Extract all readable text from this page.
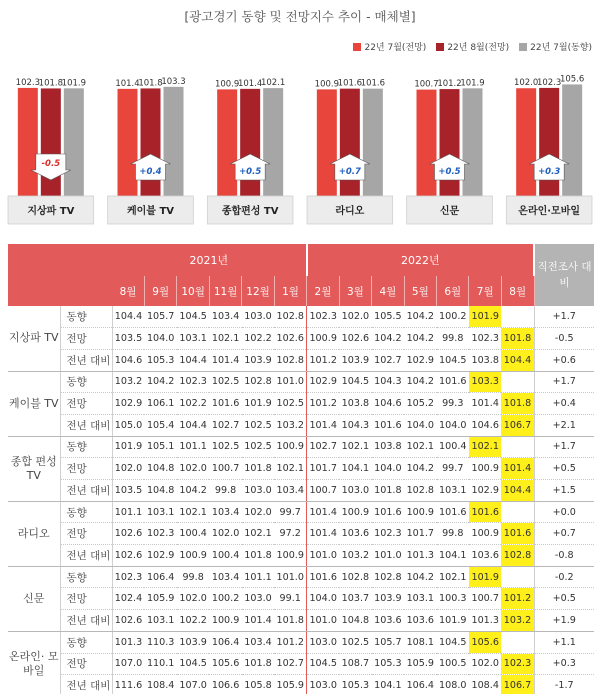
[광고경기 동향 및 전망지수 추이 - 매체별]
22년 7월(전망) 22년 8월(전망) 22년 7월(동향)
102.3
101.8
101.9
-0.5
지상파 TV
101.4
101.8
103.3
+0.4
케이블 TV
100.9
101.4
102.1
+0.5
종합편성 TV
100.9
101.6
101.6
+0.7
라디오
100.7
101.2
101.9
+0.5
신문
102.0
102.3
105.6
+0.3
온라인·모바일
		2021년						2022년							직전조사 대비
		8월	9월	10월	11월	12월	1월	2월	3월	4월	5월	6월	7월	8월	
지상파 TV	동향	104.4	105.7	104.5	103.4	103.0	102.8	102.3	102.0	105.5	104.2	100.2	101.9		+1.7
	전망	103.5	104.0	103.1	102.1	102.2	102.6	100.9	102.6	104.2	104.2	99.8	102.3	101.8	-0.5
	전년 대비	104.6	105.3	104.4	101.4	103.9	102.8	101.2	103.9	102.7	102.9	104.5	103.8	104.4	+0.6
케이블 TV	동향	103.2	104.2	102.3	102.5	102.8	101.0	102.9	104.5	104.3	104.2	101.6	103.3		+1.7
	전망	102.9	106.1	102.2	101.6	101.9	102.5	101.2	103.8	104.6	105.2	99.3	101.4	101.8	+0.4
	전년 대비	105.0	105.4	104.4	102.7	102.5	103.2	101.4	104.3	101.6	104.0	104.0	104.6	106.7	+2.1
종합 편성 TV	동향	101.9	105.1	101.1	102.5	102.5	100.9	102.7	102.1	103.8	102.1	100.4	102.1		+1.7
	전망	102.0	104.8	102.0	100.7	101.8	102.1	101.7	104.1	104.0	104.2	99.7	100.9	101.4	+0.5
	전년 대비	103.5	104.8	104.2	99.8	103.0	103.4	100.7	103.0	101.8	102.8	103.1	102.9	104.4	+1.5
라디오	동향	101.1	103.1	102.1	103.4	102.0	99.7	101.4	100.9	101.6	100.9	101.6	101.6		+0.0
	전망	102.6	102.3	100.4	102.0	102.1	97.2	101.4	103.6	102.3	101.7	99.8	100.9	101.6	+0.7
	전년 대비	102.6	102.9	100.9	100.4	101.8	100.9	101.0	103.2	101.0	101.3	104.1	103.6	102.8	-0.8
신문	동향	102.3	106.4	99.8	103.4	101.1	101.0	101.6	102.8	102.8	104.2	102.1	101.9		-0.2
	전망	102.4	105.9	102.0	100.2	103.0	99.1	104.0	103.7	103.9	103.1	100.3	100.7	101.2	+0.5
	전년 대비	102.6	103.1	102.2	100.9	101.4	101.8	101.0	104.8	103.6	103.6	101.9	101.3	103.2	+1.9
온라인· 모바일	동향	101.3	110.3	103.9	106.4	103.4	101.2	103.0	102.5	105.7	108.1	104.5	105.6		+1.1
	전망	107.0	110.1	104.5	105.6	101.8	102.7	104.5	108.7	105.3	105.9	100.5	102.0	102.3	+0.3
	전년 대비	111.6	108.4	107.0	106.6	105.8	105.9	103.0	105.3	104.1	106.4	108.0	108.4	106.7	-1.7
